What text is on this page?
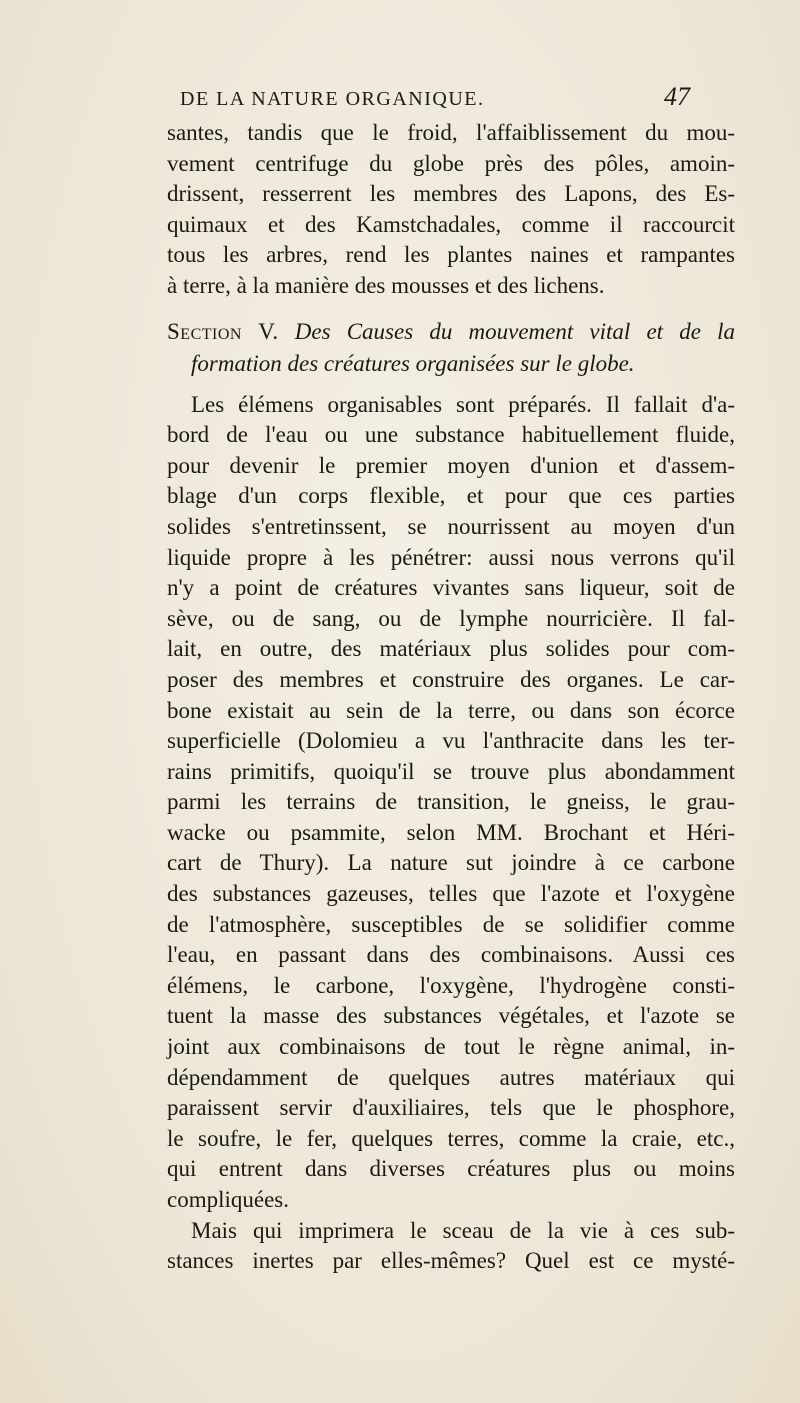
DE LA NATURE ORGANIQUE.	47
santes, tandis que le froid, l'affaiblissement du mou-
vement centrifuge du globe près des pôles, amoin-
drissent, resserrent les membres des Lapons, des Es-
quimaux et des Kamstchadales, comme il raccourcit
tous les arbres, rend les plantes naines et rampantes
à terre, à la manière des mousses et des lichens.
Section V. Des Causes du mouvement vital et de la
formation des créatures organisées sur le globe.
Les élémens organisables sont préparés. Il fallait d'a-
bord de l'eau ou une substance habituellement fluide,
pour devenir le premier moyen d'union et d'assem-
blage d'un corps flexible, et pour que ces parties
solides s'entretinssent, se nourrissent au moyen d'un
liquide propre à les pénétrer: aussi nous verrons qu'il
n'y a point de créatures vivantes sans liqueur, soit de
sève, ou de sang, ou de lymphe nourricière. Il fal-
lait, en outre, des matériaux plus solides pour com-
poser des membres et construire des organes. Le car-
bone existait au sein de la terre, ou dans son écorce
superficielle (Dolomieu a vu l'anthracite dans les ter-
rains primitifs, quoiqu'il se trouve plus abondamment
parmi les terrains de transition, le gneiss, le grau-
wacke ou psammite, selon MM. Brochant et Héri-
cart de Thury). La nature sut joindre à ce carbone
des substances gazeuses, telles que l'azote et l'oxygène
de l'atmosphère, susceptibles de se solidifier comme
l'eau, en passant dans des combinaisons. Aussi ces
élémens, le carbone, l'oxygène, l'hydrogène consti-
tuent la masse des substances végétales, et l'azote se
joint aux combinaisons de tout le règne animal, in-
dépendamment de quelques autres matériaux qui
paraissent servir d'auxiliaires, tels que le phosphore,
le soufre, le fer, quelques terres, comme la craie, etc.,
qui entrent dans diverses créatures plus ou moins
compliquées.
Mais qui imprimera le sceau de la vie à ces sub-
stances inertes par elles-mêmes? Quel est ce mysté-
